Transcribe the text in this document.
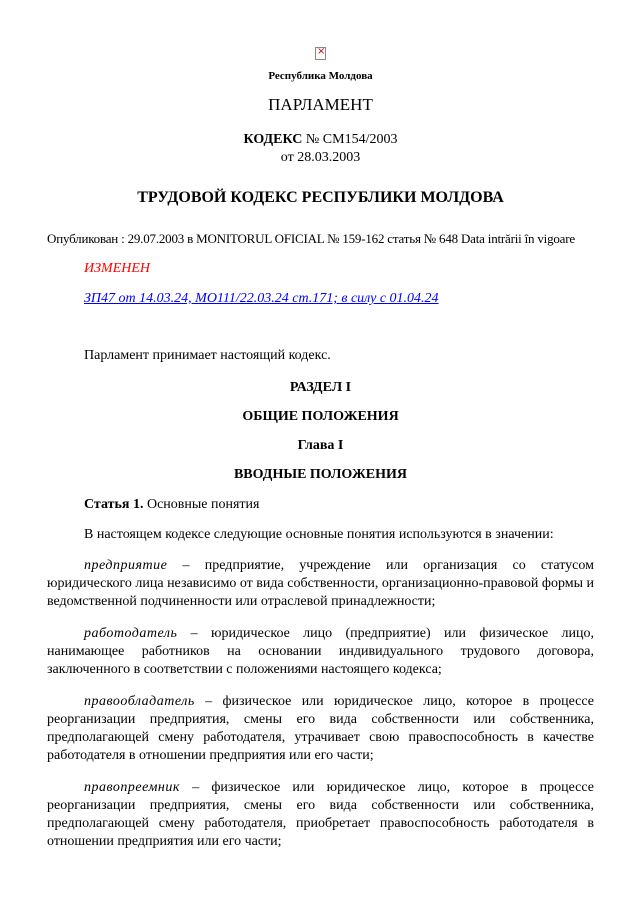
×
Республика Молдова
ПАРЛАМЕНТ
КОДЕКС № CM154/2003
от 28.03.2003
ТРУДОВОЙ КОДЕКС РЕСПУБЛИКИ МОЛДОВА
Опубликован : 29.07.2003 в MONITORUL OFICIAL № 159-162 статья № 648 Data intrării în vigoare
ИЗМЕНЕН
ЗП47 от 14.03.24, МО111/22.03.24 ст.171; в силу с 01.04.24
Парламент принимает настоящий кодекс.
РАЗДЕЛ I
ОБЩИЕ ПОЛОЖЕНИЯ
Глава I
ВВОДНЫЕ ПОЛОЖЕНИЯ
Статья 1. Основные понятия
В настоящем кодексе следующие основные понятия используются в значении:
предприятие – предприятие, учреждение или организация со статусом юридического лица независимо от вида собственности, организационно-правовой формы и ведомственной подчиненности или отраслевой принадлежности;
работодатель – юридическое лицо (предприятие) или физическое лицо, нанимающее работников на основании индивидуального трудового договора, заключенного в соответствии с положениями настоящего кодекса;
правообладатель – физическое или юридическое лицо, которое в процессе реорганизации предприятия, смены его вида собственности или собственника, предполагающей смену работодателя, утрачивает свою правоспособность в качестве работодателя в отношении предприятия или его части;
правопреемник – физическое или юридическое лицо, которое в процессе реорганизации предприятия, смены его вида собственности или собственника, предполагающей смену работодателя, приобретает правоспособность работодателя в отношении предприятия или его части;
